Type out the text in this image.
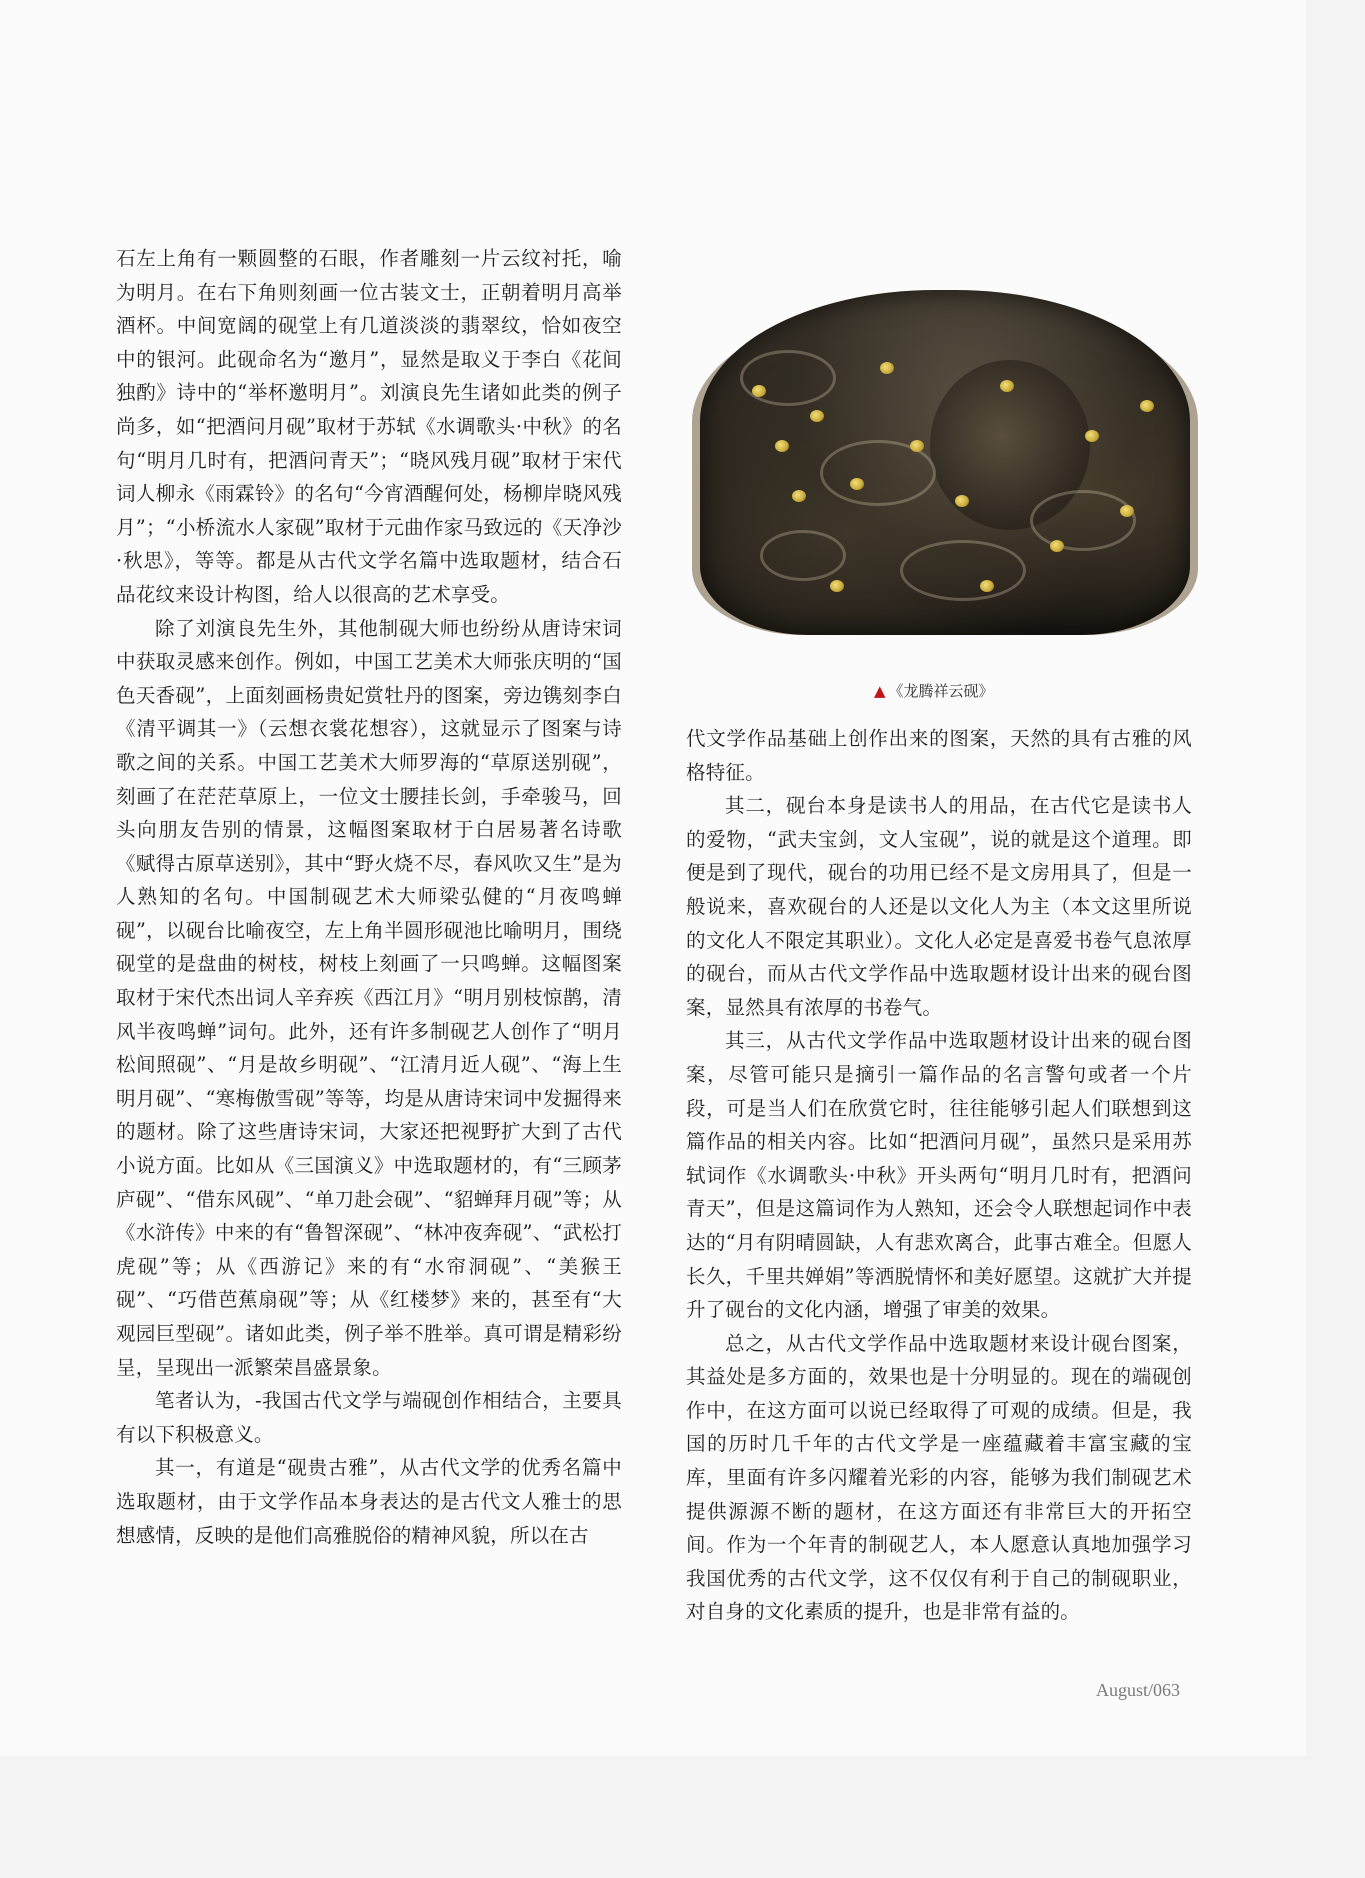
石左上角有一颗圆整的石眼，作者雕刻一片云纹衬托，喻为明月。在右下角则刻画一位古装文士，正朝着明月高举酒杯。中间宽阔的砚堂上有几道淡淡的翡翠纹，恰如夜空中的银河。此砚命名为“邀月”，显然是取义于李白《花间独酌》诗中的“举杯邀明月”。刘演良先生诸如此类的例子尚多，如“把酒问月砚”取材于苏轼《水调歌头·中秋》的名句“明月几时有，把酒问青天”；“晓风残月砚”取材于宋代词人柳永《雨霖铃》的名句“今宵酒醒何处，杨柳岸晓风残月”；“小桥流水人家砚”取材于元曲作家马致远的《天净沙·秋思》，等等。都是从古代文学名篇中选取题材，结合石品花纹来设计构图，给人以很高的艺术享受。

除了刘演良先生外，其他制砚大师也纷纷从唐诗宋词中获取灵感来创作。例如，中国工艺美术大师张庆明的“国色天香砚”，上面刻画杨贵妃赏牡丹的图案，旁边镌刻李白《清平调其一》（云想衣裳花想容），这就显示了图案与诗歌之间的关系。中国工艺美术大师罗海的“草原送别砚”，刻画了在茫茫草原上，一位文士腰挂长剑，手牵骏马，回头向朋友告别的情景，这幅图案取材于白居易著名诗歌《赋得古原草送别》，其中“野火烧不尽，春风吹又生”是为人熟知的名句。中国制砚艺术大师梁弘健的“月夜鸣蝉砚”，以砚台比喻夜空，左上角半圆形砚池比喻明月，围绕砚堂的是盘曲的树枝，树枝上刻画了一只鸣蝉。这幅图案取材于宋代杰出词人辛弃疾《西江月》“明月别枝惊鹊，清风半夜鸣蝉”词句。此外，还有许多制砚艺人创作了“明月松间照砚”、“月是故乡明砚”、“江清月近人砚”、“海上生明月砚”、“寒梅傲雪砚”等等，均是从唐诗宋词中发掘得来的题材。除了这些唐诗宋词，大家还把视野扩大到了古代小说方面。比如从《三国演义》中选取题材的，有“三顾茅庐砚”、“借东风砚”、“单刀赴会砚”、“貂蝉拜月砚”等；从《水浒传》中来的有“鲁智深砚”、“林冲夜奔砚”、“武松打虎砚”等；从《西游记》来的有“水帘洞砚”、“美猴王砚”、“巧借芭蕉扇砚”等；从《红楼梦》来的，甚至有“大观园巨型砚”。诸如此类，例子举不胜举。真可谓是精彩纷呈，呈现出一派繁荣昌盛景象。

笔者认为，-我国古代文学与端砚创作相结合，主要具有以下积极意义。

其一，有道是“砚贵古雅”，从古代文学的优秀名篇中选取题材，由于文学作品本身表达的是古代文人雅士的思想感情，反映的是他们高雅脱俗的精神风貌，所以在古

▲ 《龙腾祥云砚》

代文学作品基础上创作出来的图案，天然的具有古雅的风格特征。

其二，砚台本身是读书人的用品，在古代它是读书人的爱物，“武夫宝剑，文人宝砚”，说的就是这个道理。即便是到了现代，砚台的功用已经不是文房用具了，但是一般说来，喜欢砚台的人还是以文化人为主（本文这里所说的文化人不限定其职业）。文化人必定是喜爱书卷气息浓厚的砚台，而从古代文学作品中选取题材设计出来的砚台图案，显然具有浓厚的书卷气。

其三，从古代文学作品中选取题材设计出来的砚台图案，尽管可能只是摘引一篇作品的名言警句或者一个片段，可是当人们在欣赏它时，往往能够引起人们联想到这篇作品的相关内容。比如“把酒问月砚”，虽然只是采用苏轼词作《水调歌头·中秋》开头两句“明月几时有，把酒问青天”，但是这篇词作为人熟知，还会令人联想起词作中表达的“月有阴晴圆缺，人有悲欢离合，此事古难全。但愿人长久，千里共婵娟”等洒脱情怀和美好愿望。这就扩大并提升了砚台的文化内涵，增强了审美的效果。

总之，从古代文学作品中选取题材来设计砚台图案，其益处是多方面的，效果也是十分明显的。现在的端砚创作中，在这方面可以说已经取得了可观的成绩。但是，我国的历时几千年的古代文学是一座蕴藏着丰富宝藏的宝库，里面有许多闪耀着光彩的内容，能够为我们制砚艺术提供源源不断的题材，在这方面还有非常巨大的开拓空间。作为一个年青的制砚艺人，本人愿意认真地加强学习我国优秀的古代文学，这不仅仅有利于自己的制砚职业，对自身的文化素质的提升，也是非常有益的。

August/063
